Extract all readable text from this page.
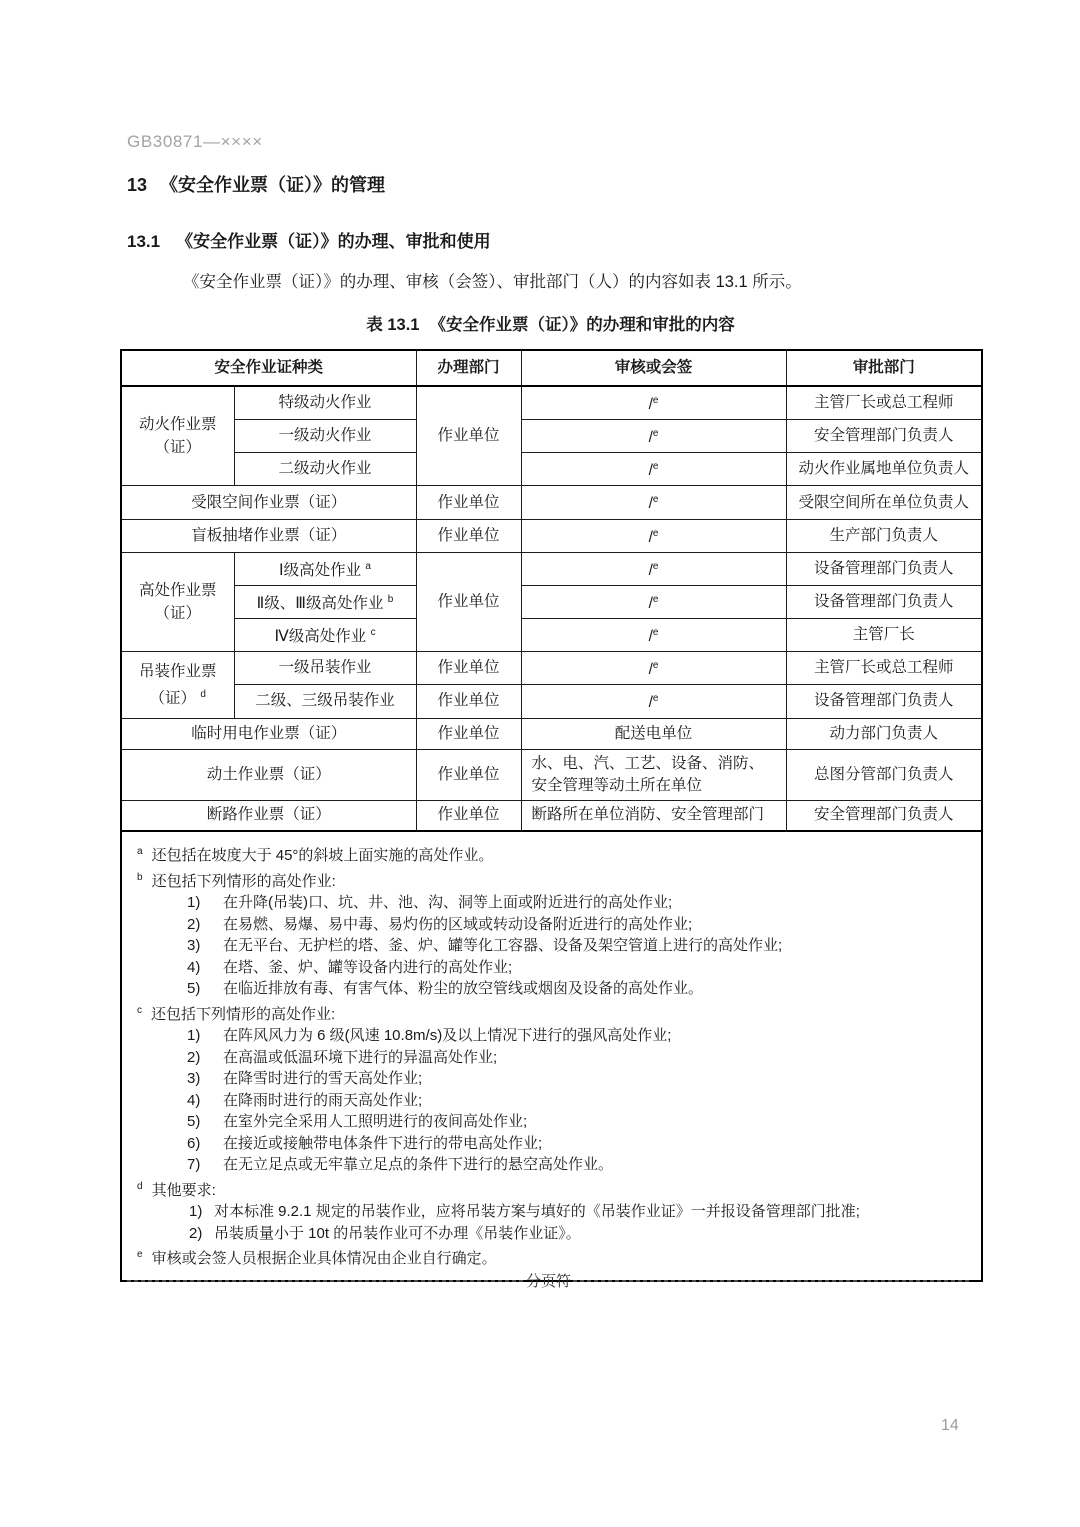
GB30871—××××
13 《安全作业票（证）》的管理
13.1 《安全作业票（证）》的办理、审批和使用
《安全作业票（证）》的办理、审核（会签）、审批部门（人）的内容如表 13.1 所示。
表 13.1 《安全作业票（证）》的办理和审批的内容
安全作业证种类		办理部门	审核或会签	审批部门

动火作业票
（证）	特级动火作业	作业单位	/$^e$	主管厂长或总工程师
	一级动火作业		/$^e$	安全管理部门负责人
	二级动火作业		/$^e$	动火作业属地单位负责人
受限空间作业票（证）		作业单位	/$^e$	受限空间所在单位负责人
盲板抽堵作业票（证）		作业单位	/$^e$	生产部门负责人

高处作业票
（证）	Ⅰ级高处作业 $^a$	作业单位	/$^e$	设备管理部门负责人
	Ⅱ级、Ⅲ级高处作业 $^b$		/$^e$	设备管理部门负责人
	Ⅳ级高处作业 $^c$		/$^e$	主管厂长

吊装作业票
（证） $^d$	一级吊装作业	作业单位	/$^e$	主管厂长或总工程师
	二级、三级吊装作业	作业单位	/$^e$	设备管理部门负责人
临时用电作业票（证）		作业单位	配送电单位	动力部门负责人
动土作业票（证）		作业单位	水、电、汽、工艺、设备、消防、
安全管理等动土所在单位	总图分管部门负责人
断路作业票（证）		作业单位	断路所在单位消防、安全管理部门	安全管理部门负责人

$^a$ 还包括在坡度大于 45°的斜坡上面实施的高处作业。
$^b$ 还包括下列情形的高处作业:
1) 在升降(吊装)口、坑、井、池、沟、洞等上面或附近进行的高处作业;
2) 在易燃、易爆、易中毒、易灼伤的区域或转动设备附近进行的高处作业;
3) 在无平台、无护栏的塔、釜、炉、罐等化工容器、设备及架空管道上进行的高处作业;
4) 在塔、釜、炉、罐等设备内进行的高处作业;
5) 在临近排放有毒、有害气体、粉尘的放空管线或烟囱及设备的高处作业。
$^c$ 还包括下列情形的高处作业:
1) 在阵风风力为 6 级(风速 10.8m/s)及以上情况下进行的强风高处作业;
2) 在高温或低温环境下进行的异温高处作业;
3) 在降雪时进行的雪天高处作业;
4) 在降雨时进行的雨天高处作业;
5) 在室外完全采用人工照明进行的夜间高处作业;
6) 在接近或接触带电体条件下进行的带电高处作业;
7) 在无立足点或无牢靠立足点的条件下进行的悬空高处作业。
$^d$ 其他要求:
1) 对本标准 9.2.1 规定的吊装作业，应将吊装方案与填好的《吊装作业证》一并报设备管理部门批准;
2) 吊装质量小于 10t 的吊装作业可不办理《吊装作业证》。
$^e$ 审核或会签人员根据企业具体情况由企业自行确定。
分页符
14
